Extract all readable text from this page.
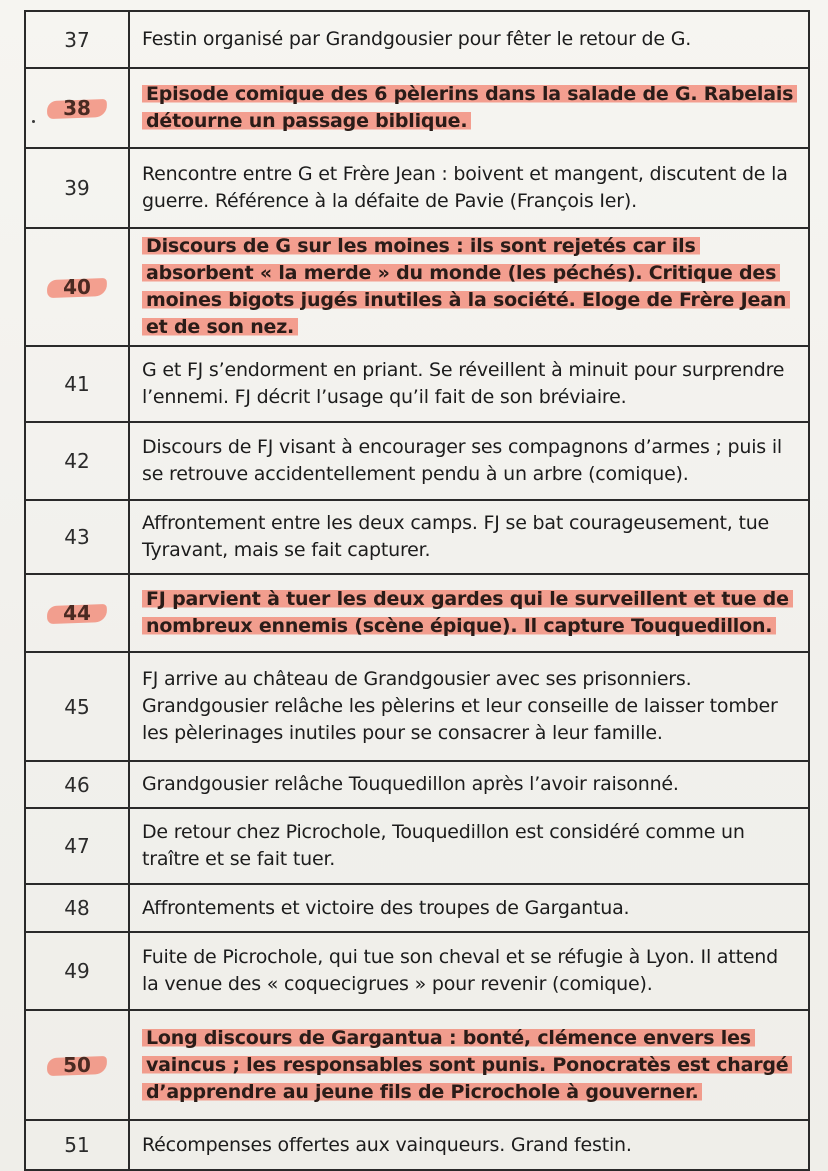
37	Festin organisé par Grandgousier pour fêter le retour de G.
38	Episode comique des 6 pèlerins dans la salade de G. Rabelais détourne un passage biblique.
39	Rencontre entre G et Frère Jean : boivent et mangent, discutent de la guerre. Référence à la défaite de Pavie (François Ier).
40	Discours de G sur les moines : ils sont rejetés car ils absorbent « la merde » du monde (les péchés). Critique des moines bigots jugés inutiles à la société. Eloge de Frère Jean et de son nez.
41	G et FJ s’endorment en priant. Se réveillent à minuit pour surprendre l’ennemi. FJ décrit l’usage qu’il fait de son bréviaire.
42	Discours de FJ visant à encourager ses compagnons d’armes ; puis il se retrouve accidentellement pendu à un arbre (comique).
43	Affrontement entre les deux camps. FJ se bat courageusement, tue Tyravant, mais se fait capturer.
44	FJ parvient à tuer les deux gardes qui le surveillent et tue de nombreux ennemis (scène épique). Il capture Touquedillon.
45	FJ arrive au château de Grandgousier avec ses prisonniers. Grandgousier relâche les pèlerins et leur conseille de laisser tomber les pèlerinages inutiles pour se consacrer à leur famille.
46	Grandgousier relâche Touquedillon après l’avoir raisonné.
47	De retour chez Picrochole, Touquedillon est considéré comme un traître et se fait tuer.
48	Affrontements et victoire des troupes de Gargantua.
49	Fuite de Picrochole, qui tue son cheval et se réfugie à Lyon. Il attend la venue des « coquecigrues » pour revenir (comique).
50	Long discours de Gargantua : bonté, clémence envers les vaincus ; les responsables sont punis. Ponocratès est chargé d’apprendre au jeune fils de Picrochole à gouverner.
51	Récompenses offertes aux vainqueurs. Grand festin.
